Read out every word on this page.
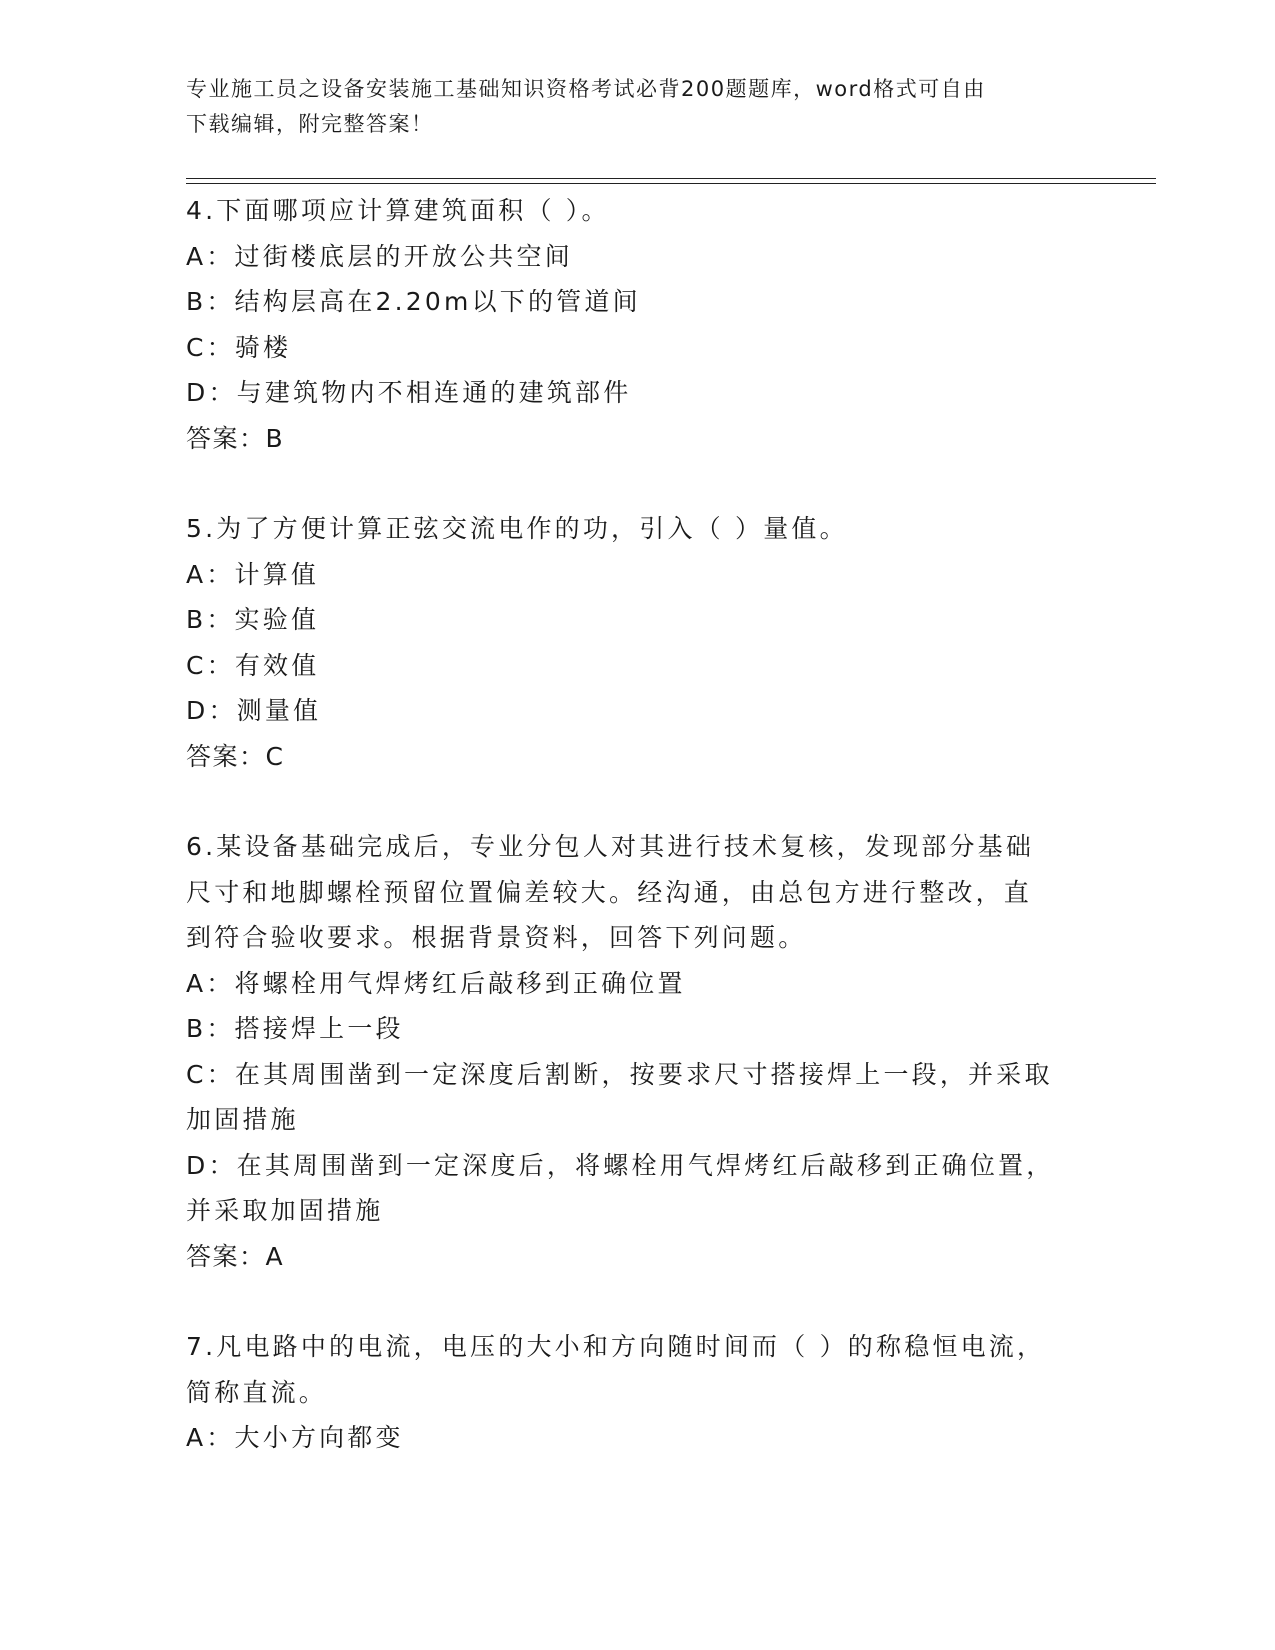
专业施工员之设备安装施工基础知识资格考试必背200题题库，word格式可自由
下载编辑，附完整答案！
4.下面哪项应计算建筑面积（ ）。
A：过街楼底层的开放公共空间
B：结构层高在2.20m以下的管道间
C：骑楼
D：与建筑物内不相连通的建筑部件
答案：B
5.为了方便计算正弦交流电作的功，引入（ ）量值。
A：计算值
B：实验值
C：有效值
D：测量值
答案：C
6.某设备基础完成后，专业分包人对其进行技术复核，发现部分基础
尺寸和地脚螺栓预留位置偏差较大。经沟通，由总包方进行整改，直
到符合验收要求。根据背景资料，回答下列问题。
A：将螺栓用气焊烤红后敲移到正确位置
B：搭接焊上一段
C：在其周围凿到一定深度后割断，按要求尺寸搭接焊上一段，并采取
加固措施
D：在其周围凿到一定深度后，将螺栓用气焊烤红后敲移到正确位置，
并采取加固措施
答案：A
7.凡电路中的电流，电压的大小和方向随时间而（ ）的称稳恒电流，
简称直流。
A：大小方向都变
